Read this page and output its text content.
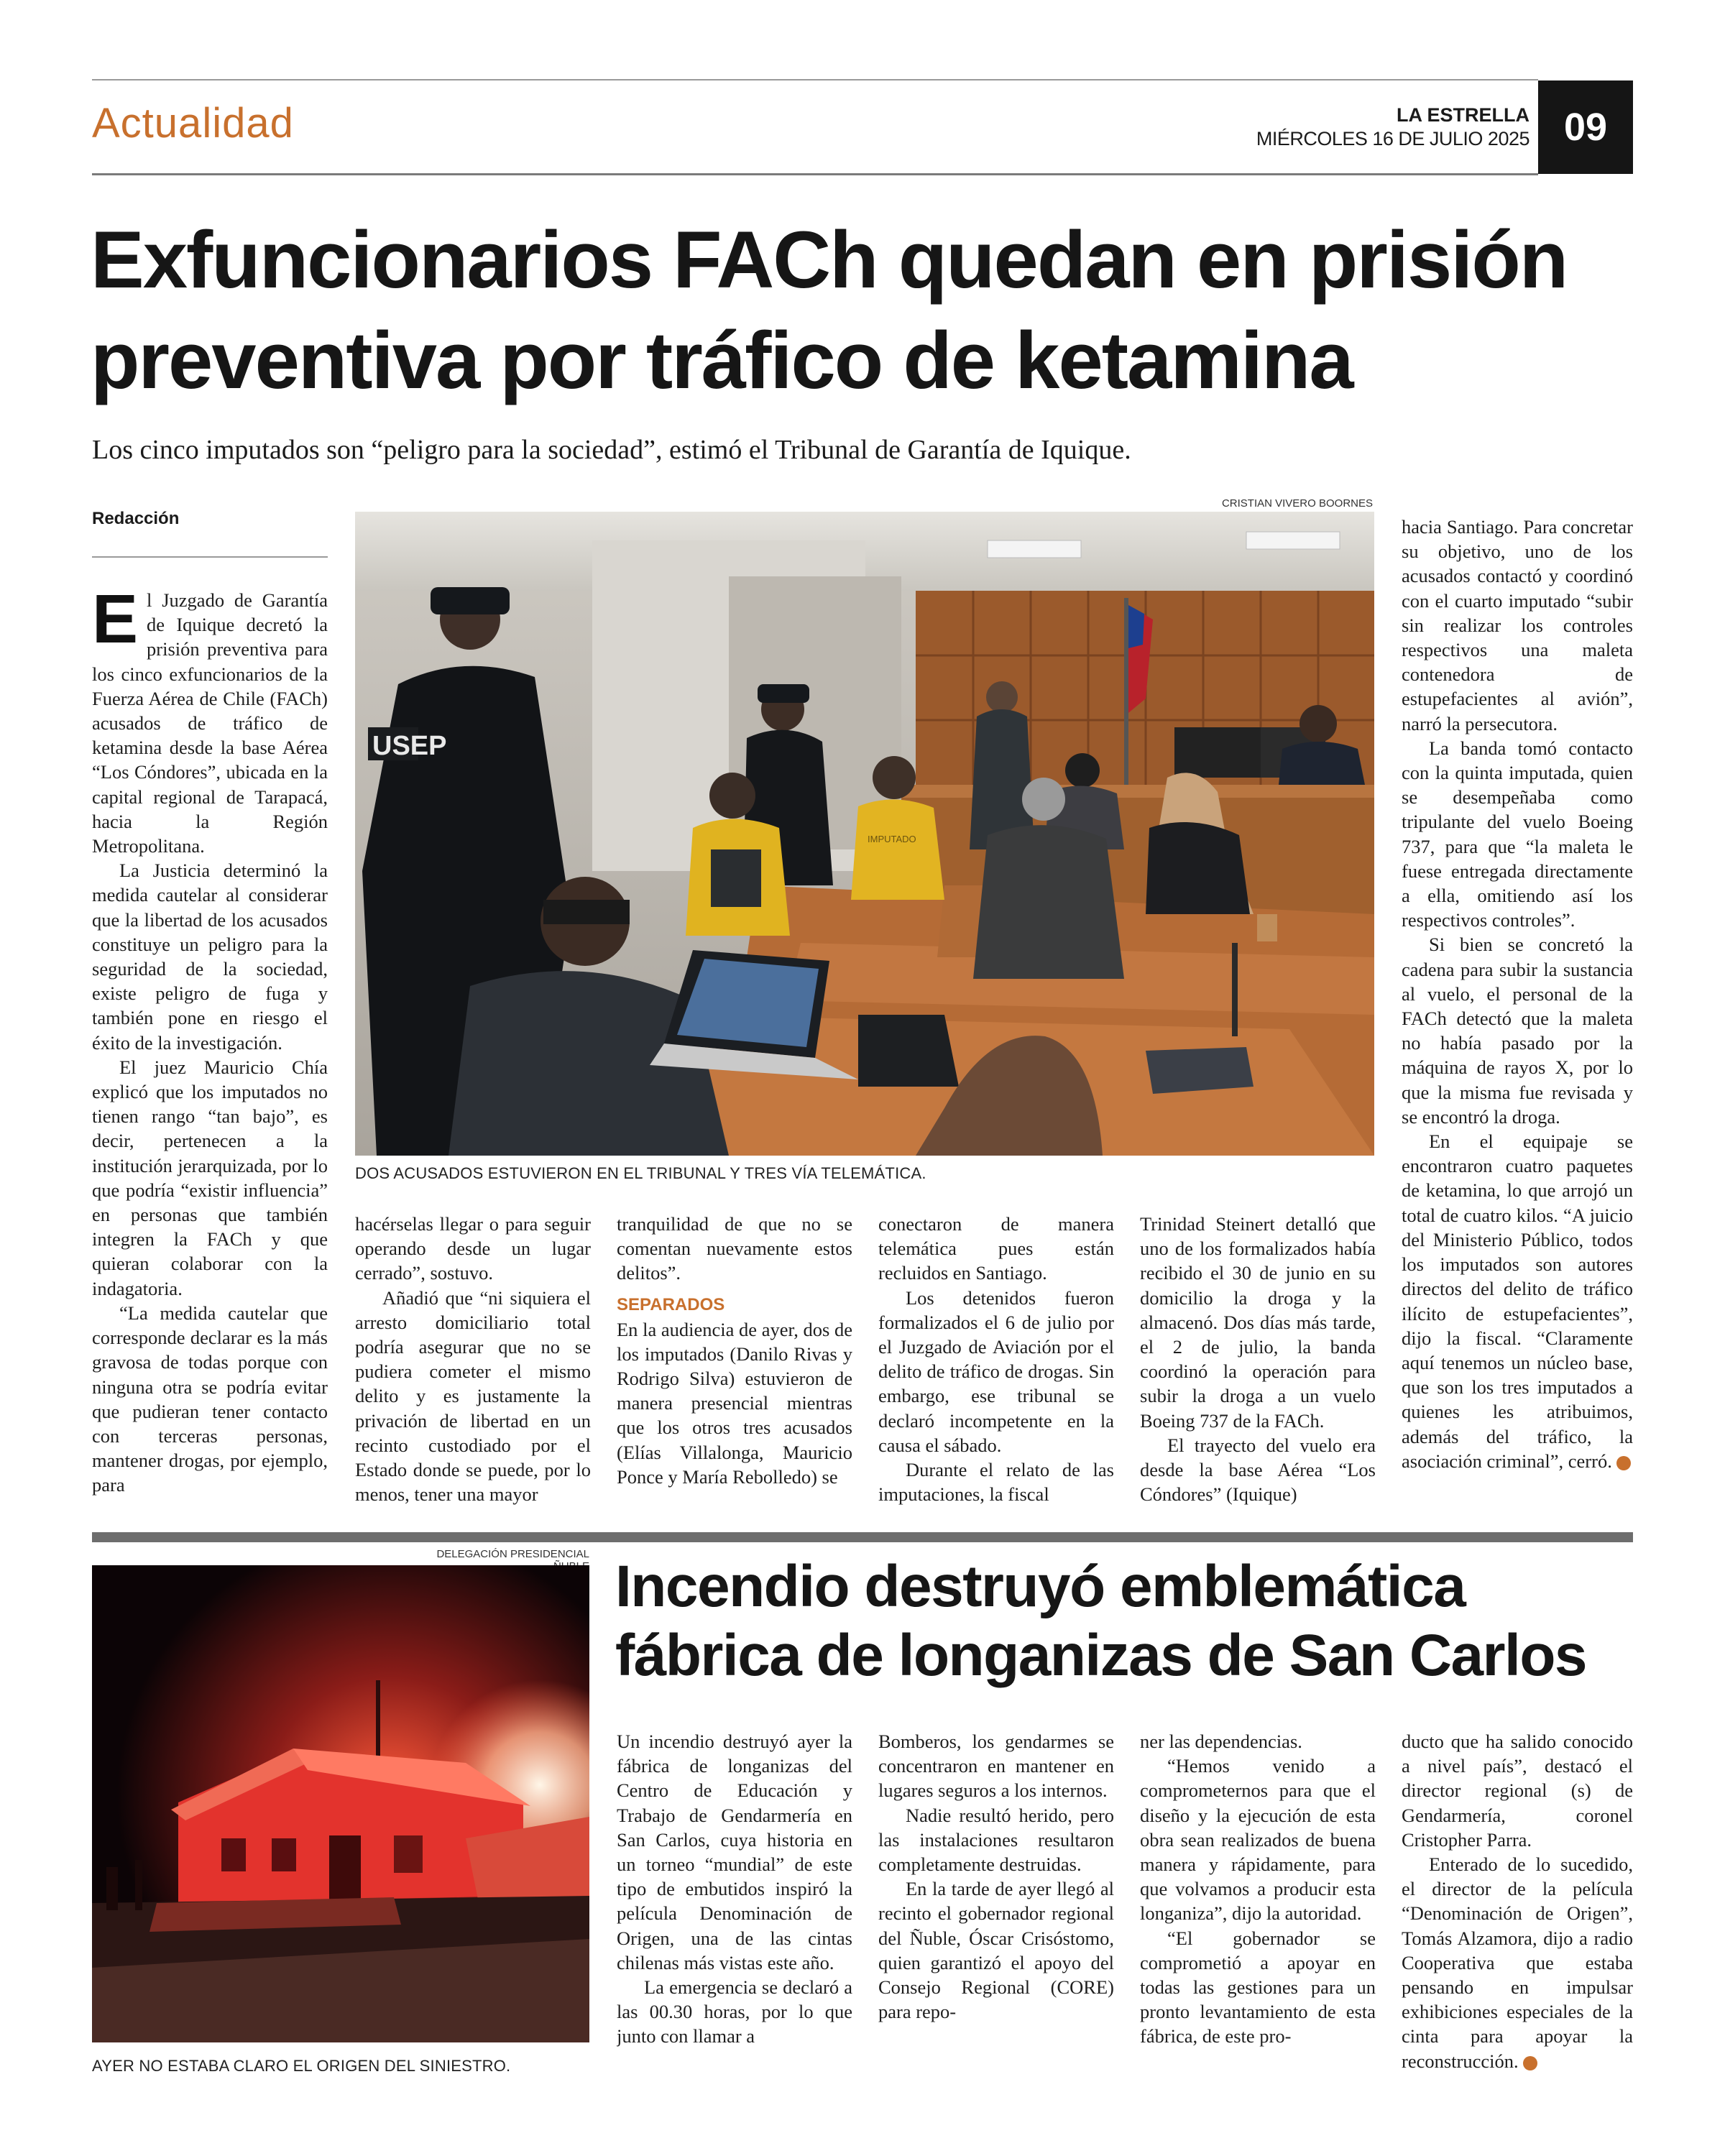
Actualidad	LA ESTRELLA
MIÉRCOLES 16 DE JULIO 2025 09
Exfuncionarios FACh quedan en prisión
preventiva por tráfico de ketamina
Los cinco imputados son “peligro para la sociedad”, estimó el Tribunal de Garantía de Iquique.
Redacción
CRISTIAN VIVERO BOORNES
USEP
IMPUTADO
DOS ACUSADOS ESTUVIERON EN EL TRIBUNAL Y TRES VÍA TELEMÁTICA.

El Juzgado de Garantía de Iquique decretó la prisión preventiva para los cinco exfuncionarios de la Fuerza Aérea de Chile (FACh) acusados de tráfico de ketamina desde la base Aérea “Los Cóndores”, ubicada en la capital regional de Tarapacá, hacia la Región Metropolitana.

La Justicia determinó la medida cautelar al considerar que la libertad de los acusados constituye un peligro para la seguridad de la sociedad, existe peligro de fuga y también pone en riesgo el éxito de la investigación.

El juez Mauricio Chía explicó que los imputados no tienen rango “tan bajo”, es decir, pertenecen a la institución jerarquizada, por lo que podría “existir influencia” en personas que también integren la FACh y que quieran colaborar con la indagatoria.

“La medida cautelar que corresponde declarar es la más gravosa de todas porque con ninguna otra se podría evitar que pudieran tener contacto con terceras personas, mantener drogas, por ejemplo, para

hacérselas llegar o para seguir operando desde un lugar cerrado”, sostuvo.

Añadió que “ni siquiera el arresto domiciliario total podría asegurar que no se pudiera cometer el mismo delito y es justamente la privación de libertad en un recinto custodiado por el Estado donde se puede, por lo menos, tener una mayor

tranquilidad de que no se comentan nuevamente estos delitos”.

SEPARADOS

En la audiencia de ayer, dos de los imputados (Danilo Rivas y Rodrigo Silva) estuvieron de manera presencial mientras que los otros tres acusados (Elías Villalonga, Mauricio Ponce y María Rebolledo) se

conectaron de manera telemática pues están recluidos en Santiago.

Los detenidos fueron formalizados el 6 de julio por el Juzgado de Aviación por el delito de tráfico de drogas. Sin embargo, ese tribunal se declaró incompetente en la causa el sábado.

Durante el relato de las imputaciones, la fiscal

Trinidad Steinert detalló que uno de los formalizados había recibido el 30 de junio en su domicilio la droga y la almacenó. Dos días más tarde, el 2 de julio, la banda coordinó la operación para subir la droga a un vuelo Boeing 737 de la FACh.

El trayecto del vuelo era desde la base Aérea “Los Cóndores” (Iquique)

hacia Santiago. Para concretar su objetivo, uno de los acusados contactó y coordinó con el cuarto imputado “subir sin realizar los controles respectivos una maleta contenedora de estupefacientes al avión”, narró la persecutora.

La banda tomó contacto con la quinta imputada, quien se desempeñaba como tripulante del vuelo Boeing 737, para que “la maleta le fuese entregada directamente a ella, omitiendo así los respectivos controles”.

Si bien se concretó la cadena para subir la sustancia al vuelo, el personal de la FACh detectó que la maleta no había pasado por la máquina de rayos X, por lo que la misma fue revisada y se encontró la droga.

En el equipaje se encontraron cuatro paquetes de ketamina, lo que arrojó un total de cuatro kilos. “A juicio del Ministerio Público, todos los imputados son autores directos del delito de tráfico ilícito de estupefacientes”, dijo la fiscal. “Claramente aquí tenemos un núcleo base, que son los tres imputados a quienes les atribuimos, además del tráfico, la asociación criminal”, cerró.

DELEGACIÓN PRESIDENCIAL
AYER NO ESTABA CLARO EL ORIGEN DEL SINIESTRO.
Incendio destruyó emblemática
fábrica de longanizas de San Carlos

Un incendio destruyó ayer la fábrica de longanizas del Centro de Educación y Trabajo de Gendarmería en San Carlos, cuya historia en un torneo “mundial” de este tipo de embutidos inspiró la película Denominación de Origen, una de las cintas chilenas más vistas este año.

La emergencia se declaró a las 00.30 horas, por lo que junto con llamar a

Bomberos, los gendarmes se concentraron en mantener en lugares seguros a los internos.

Nadie resultó herido, pero las instalaciones resultaron completamente destruidas.

En la tarde de ayer llegó al recinto el gobernador regional del Ñuble, Óscar Crisóstomo, quien garantizó el apoyo del Consejo Regional (CORE) para repo-

ner las dependencias.

“Hemos venido a comprometernos para que el diseño y la ejecución de esta obra sean realizados de buena manera y rápidamente, para que volvamos a producir esta longaniza”, dijo la autoridad.

“El gobernador se comprometió a apoyar en todas las gestiones para un pronto levantamiento de esta fábrica, de este pro-

ducto que ha salido conocido a nivel país”, destacó el director regional (s) de Gendarmería, coronel Cristopher Parra.

Enterado de lo sucedido, el director de la película “Denominación de Origen”, Tomás Alzamora, dijo a radio Cooperativa que estaba pensando en impulsar exhibiciones especiales de la cinta para apoyar la reconstrucción.
